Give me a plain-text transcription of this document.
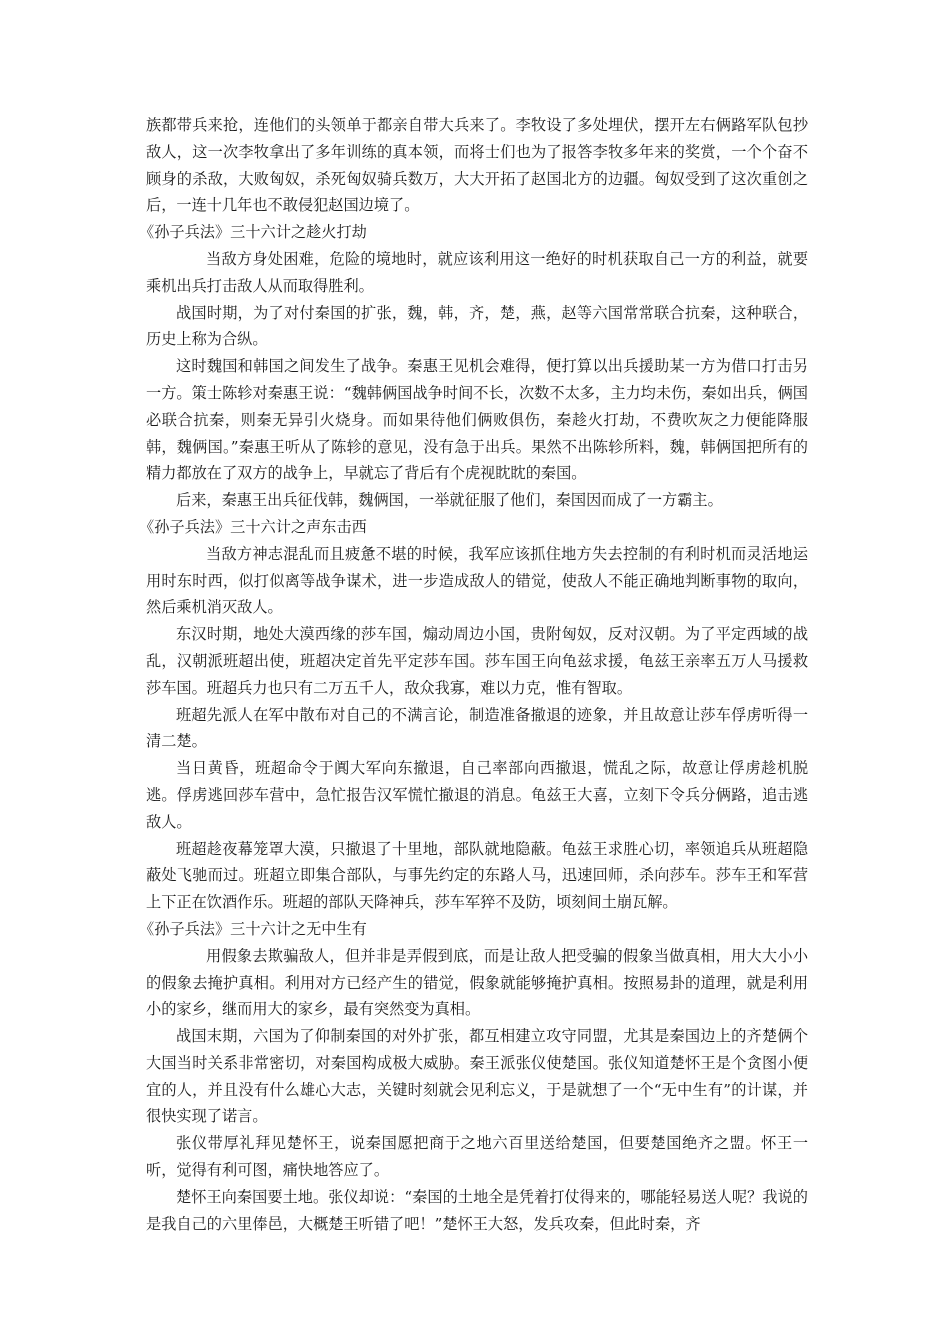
族都带兵来抢，连他们的头领单于都亲自带大兵来了。李牧设了多处埋伏，摆开左右俩路军队包抄敌人，这一次李牧拿出了多年训练的真本领，而将士们也为了报答李牧多年来的奖赏，一个个奋不顾身的杀敌，大败匈奴，杀死匈奴骑兵数万，大大开拓了赵国北方的边疆。匈奴受到了这次重创之后，一连十几年也不敢侵犯赵国边境了。

《孙子兵法》三十六计之趁火打劫

当敌方身处困难，危险的境地时，就应该利用这一绝好的时机获取自己一方的利益，就要乘机出兵打击敌人从而取得胜利。

战国时期，为了对付秦国的扩张，魏，韩，齐，楚，燕，赵等六国常常联合抗秦，这种联合，历史上称为合纵。

这时魏国和韩国之间发生了战争。秦惠王见机会难得，便打算以出兵援助某一方为借口打击另一方。策士陈轸对秦惠王说：“魏韩俩国战争时间不长，次数不太多，主力均未伤，秦如出兵，俩国必联合抗秦，则秦无异引火烧身。而如果待他们俩败俱伤，秦趁火打劫，不费吹灰之力便能降服韩，魏俩国。”秦惠王听从了陈轸的意见，没有急于出兵。果然不出陈轸所料，魏，韩俩国把所有的精力都放在了双方的战争上，早就忘了背后有个虎视眈眈的秦国。

后来，秦惠王出兵征伐韩，魏俩国，一举就征服了他们，秦国因而成了一方霸主。

《孙子兵法》三十六计之声东击西

当敌方神志混乱而且疲惫不堪的时候，我军应该抓住地方失去控制的有利时机而灵活地运用时东时西，似打似离等战争谋术，进一步造成敌人的错觉，使敌人不能正确地判断事物的取向，然后乘机消灭敌人。

东汉时期，地处大漠西缘的莎车国，煽动周边小国，贵附匈奴，反对汉朝。为了平定西域的战乱，汉朝派班超出使，班超决定首先平定莎车国。莎车国王向龟兹求援，龟兹王亲率五万人马援救莎车国。班超兵力也只有二万五千人，敌众我寡，难以力克，惟有智取。

班超先派人在军中散布对自己的不满言论，制造准备撤退的迹象，并且故意让莎车俘虏听得一清二楚。

当日黄昏，班超命令于阗大军向东撤退，自己率部向西撤退，慌乱之际，故意让俘虏趁机脱逃。俘虏逃回莎车营中，急忙报告汉军慌忙撤退的消息。龟兹王大喜，立刻下令兵分俩路，追击逃敌人。

班超趁夜幕笼罩大漠，只撤退了十里地，部队就地隐蔽。龟兹王求胜心切，率领追兵从班超隐蔽处飞驰而过。班超立即集合部队，与事先约定的东路人马，迅速回师，杀向莎车。莎车王和军营上下正在饮酒作乐。班超的部队天降神兵，莎车军猝不及防，顷刻间土崩瓦解。

《孙子兵法》三十六计之无中生有

用假象去欺骗敌人，但并非是弄假到底，而是让敌人把受骗的假象当做真相，用大大小小的假象去掩护真相。利用对方已经产生的错觉，假象就能够掩护真相。按照易卦的道理，就是利用小的家乡，继而用大的家乡，最有突然变为真相。

战国末期，六国为了仰制秦国的对外扩张，都互相建立攻守同盟，尤其是秦国边上的齐楚俩个大国当时关系非常密切，对秦国构成极大威胁。秦王派张仪使楚国。张仪知道楚怀王是个贪图小便宜的人，并且没有什么雄心大志，关键时刻就会见利忘义，于是就想了一个“无中生有”的计谋，并很快实现了诺言。

张仪带厚礼拜见楚怀王，说秦国愿把商于之地六百里送给楚国，但要楚国绝齐之盟。怀王一听，觉得有利可图，痛快地答应了。

楚怀王向秦国要土地。张仪却说：“秦国的土地全是凭着打仗得来的，哪能轻易送人呢？我说的是我自己的六里俸邑，大概楚王听错了吧！”楚怀王大怒，发兵攻秦，但此时秦，齐
